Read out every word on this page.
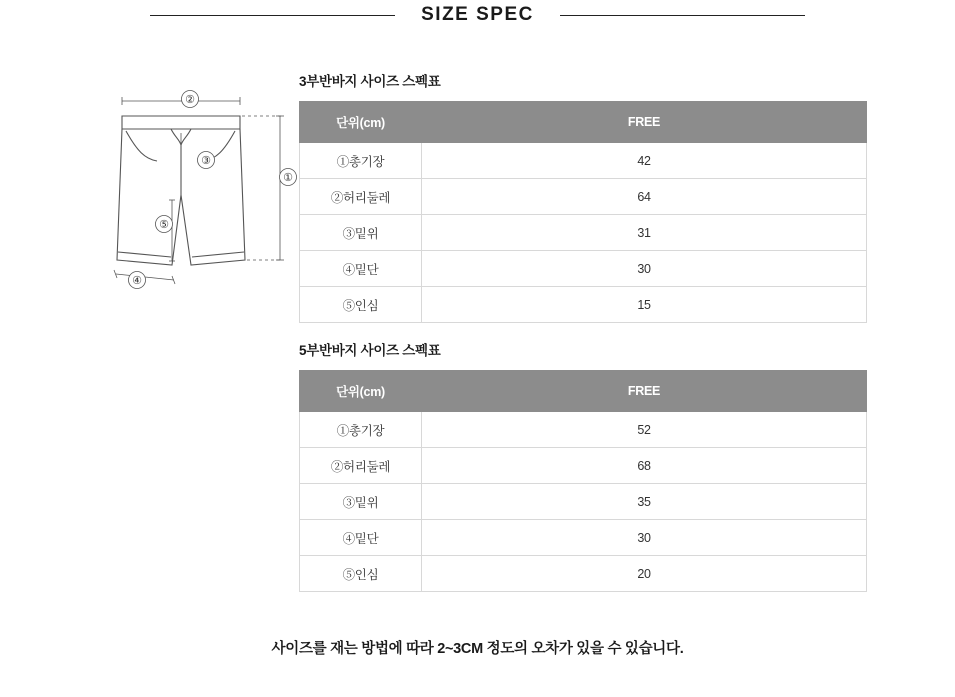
SIZE SPEC
②
①
③
⑤
④
3부반바지 사이즈 스펙표
단위(cm)	FREE
①총기장	42
②허리둘레	64
③밑위	31
④밑단	30
⑤인심	15
5부반바지 사이즈 스펙표
단위(cm)	FREE
①총기장	52
②허리둘레	68
③밑위	35
④밑단	30
⑤인심	20
사이즈를 재는 방법에 따라 2~3CM 정도의 오차가 있을 수 있습니다.
